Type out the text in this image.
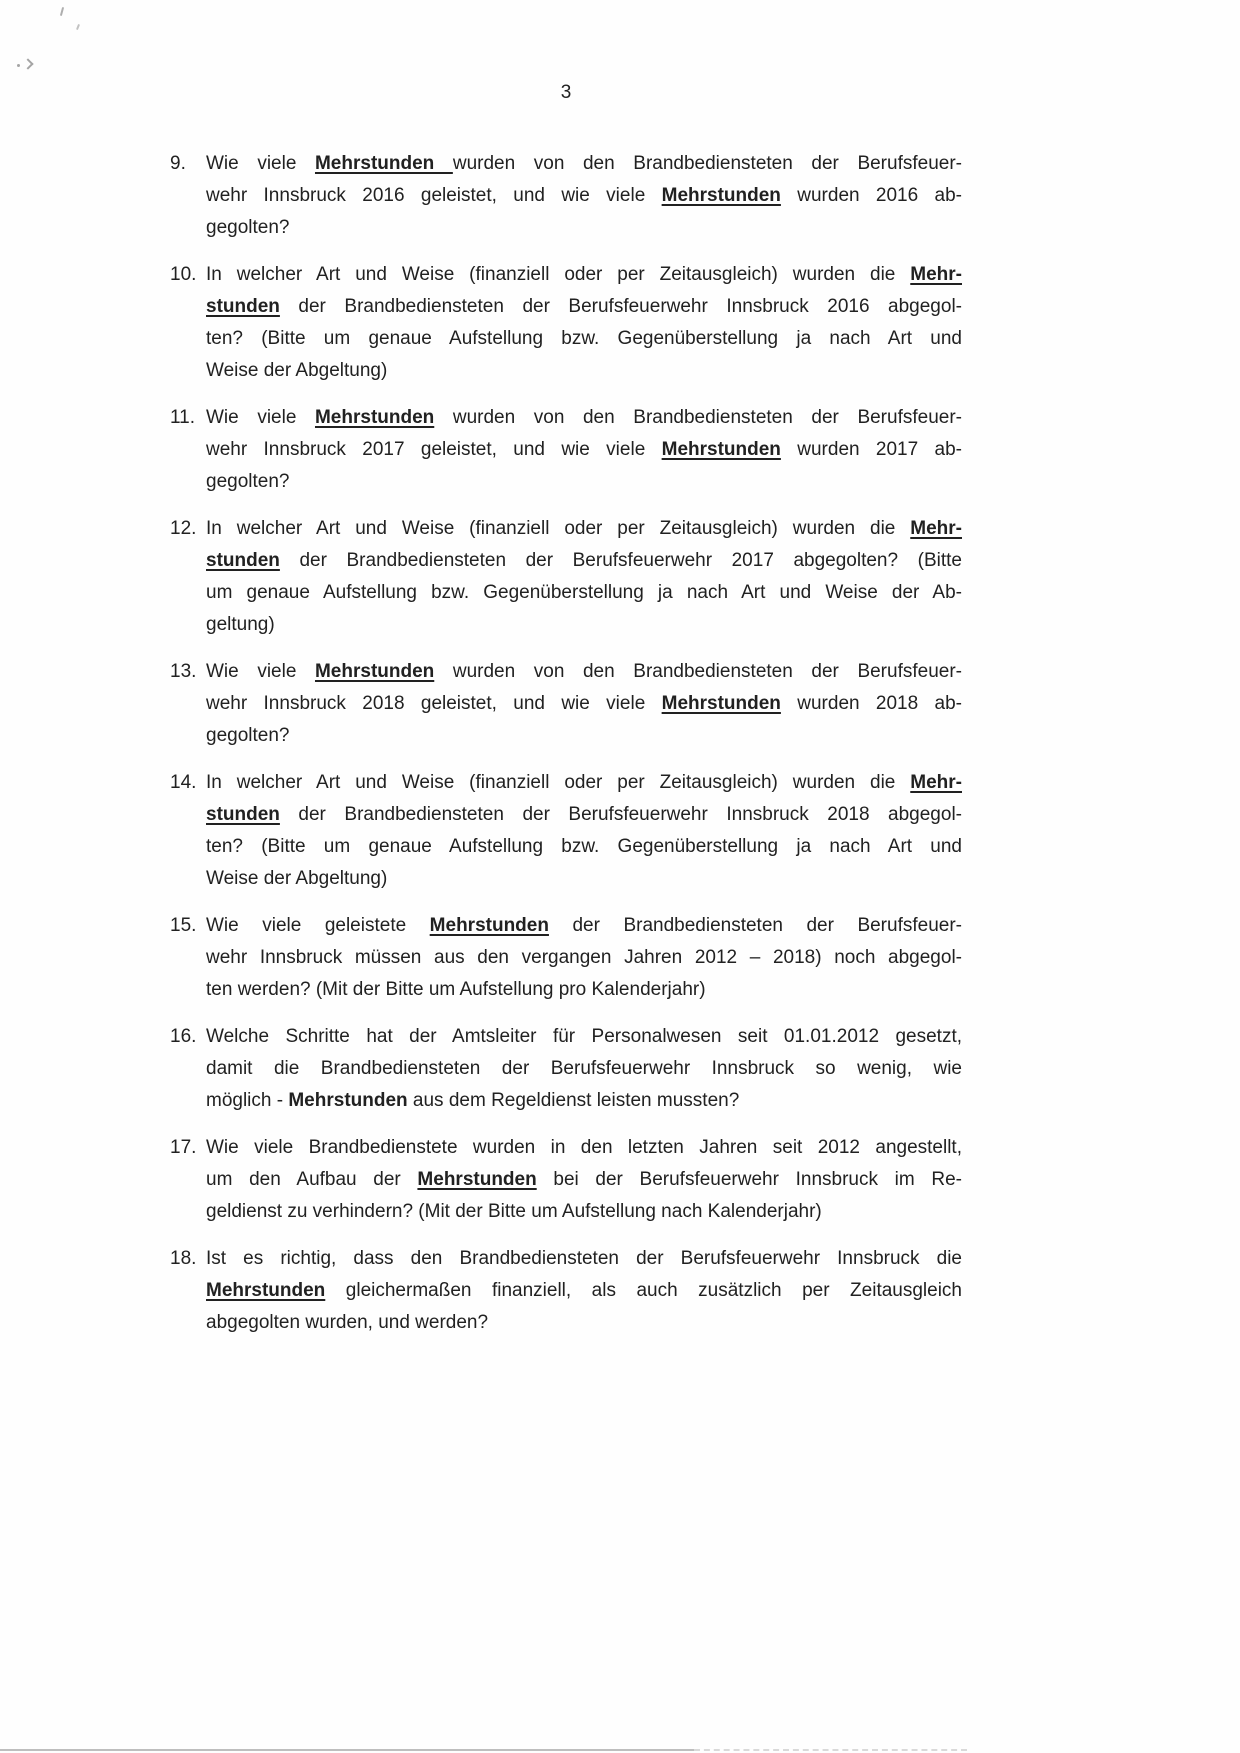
3
9.	Wie viele Mehrstunden wurden von den Brandbediensteten der Berufsfeuer-
wehr Innsbruck 2016 geleistet, und wie viele Mehrstunden wurden 2016 ab-
gegolten?
10. In welcher Art und Weise (finanziell oder per Zeitausgleich) wurden die Mehr-
stunden der Brandbediensteten der Berufsfeuerwehr Innsbruck 2016 abgegol-
ten? (Bitte um genaue Aufstellung bzw. Gegenüberstellung ja nach Art und
Weise der Abgeltung)
11. Wie viele Mehrstunden wurden von den Brandbediensteten der Berufsfeuer-
wehr Innsbruck 2017 geleistet, und wie viele Mehrstunden wurden 2017 ab-
gegolten?
12. In welcher Art und Weise (finanziell oder per Zeitausgleich) wurden die Mehr-
stunden der Brandbediensteten der Berufsfeuerwehr 2017 abgegolten? (Bitte
um genaue Aufstellung bzw. Gegenüberstellung ja nach Art und Weise der Ab-
geltung)
13. Wie viele Mehrstunden wurden von den Brandbediensteten der Berufsfeuer-
wehr Innsbruck 2018 geleistet, und wie viele Mehrstunden wurden 2018 ab-
gegolten?
14. In welcher Art und Weise (finanziell oder per Zeitausgleich) wurden die Mehr-
stunden der Brandbediensteten der Berufsfeuerwehr Innsbruck 2018 abgegol-
ten? (Bitte um genaue Aufstellung bzw. Gegenüberstellung ja nach Art und
Weise der Abgeltung)
15. Wie viele geleistete Mehrstunden der Brandbediensteten der Berufsfeuer-
wehr Innsbruck müssen aus den vergangen Jahren 2012 – 2018) noch abgegol-
ten werden? (Mit der Bitte um Aufstellung pro Kalenderjahr)
16. Welche Schritte hat der Amtsleiter für Personalwesen seit 01.01.2012 gesetzt,
damit die Brandbediensteten der Berufsfeuerwehr Innsbruck so wenig, wie
möglich - Mehrstunden aus dem Regeldienst leisten mussten?
17. Wie viele Brandbedienstete wurden in den letzten Jahren seit 2012 angestellt,
um den Aufbau der Mehrstunden bei der Berufsfeuerwehr Innsbruck im Re-
geldienst zu verhindern? (Mit der Bitte um Aufstellung nach Kalenderjahr)
18. Ist es richtig, dass den Brandbediensteten der Berufsfeuerwehr Innsbruck die
Mehrstunden gleichermaßen finanziell, als auch zusätzlich per Zeitausgleich
abgegolten wurden, und werden?
